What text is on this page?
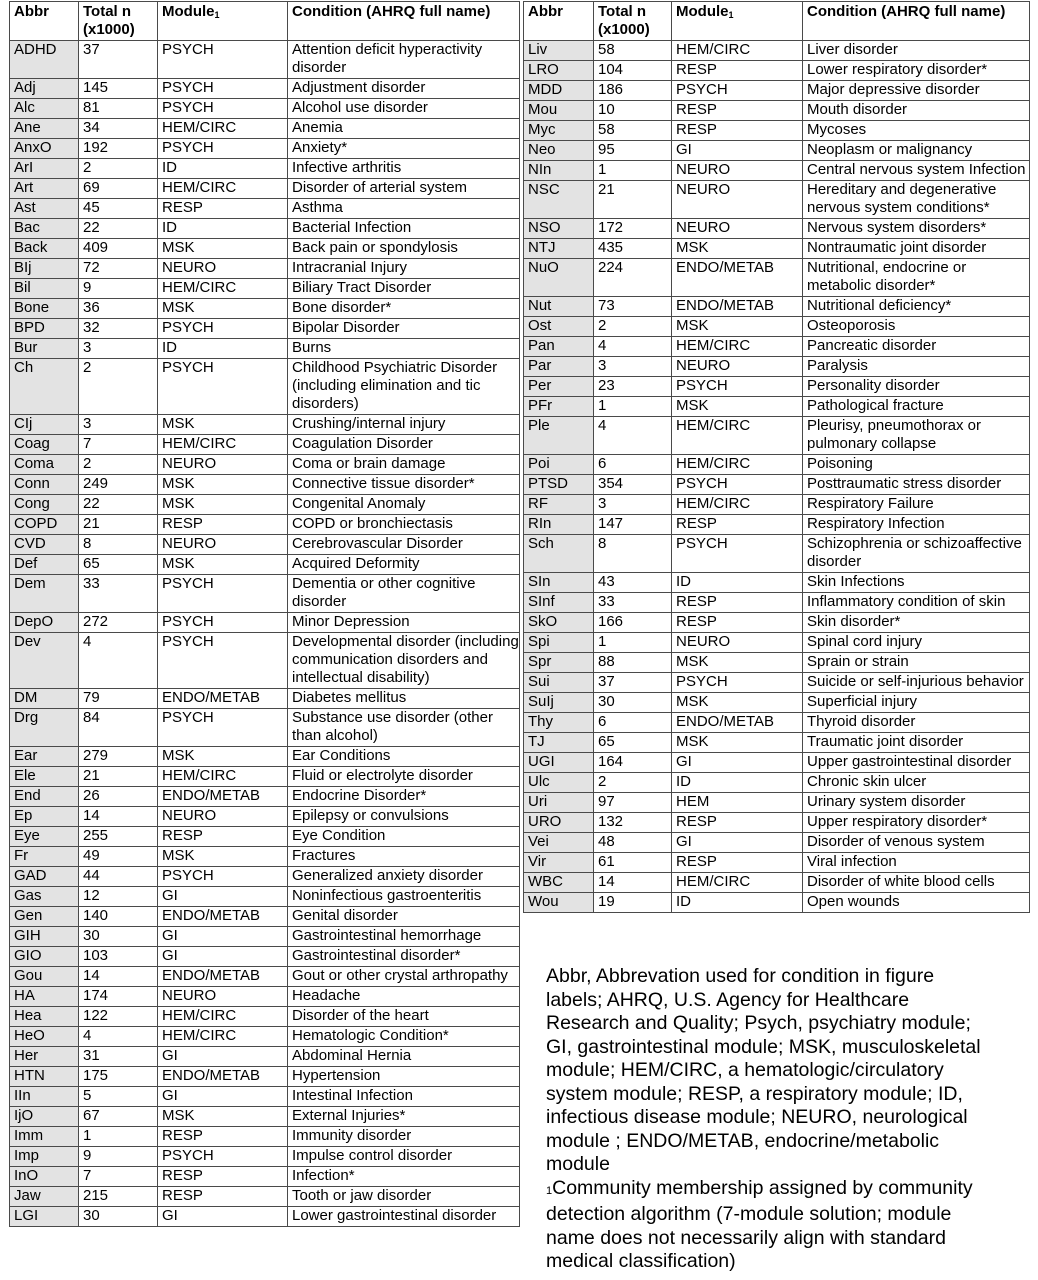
Abbr	Total n (x1000)	Module$_1$	Condition (AHRQ full name)
ADHD	37	PSYCH	Attention deficit hyperactivity disorder
Adj	145	PSYCH	Adjustment disorder
Alc	81	PSYCH	Alcohol use disorder
Ane	34	HEM/CIRC	Anemia
AnxO	192	PSYCH	Anxiety*
ArI	2	ID	Infective arthritis
Art	69	HEM/CIRC	Disorder of arterial system
Ast	45	RESP	Asthma
Bac	22	ID	Bacterial Infection
Back	409	MSK	Back pain or spondylosis
BIj	72	NEURO	Intracranial Injury
Bil	9	HEM/CIRC	Biliary Tract Disorder
Bone	36	MSK	Bone disorder*
BPD	32	PSYCH	Bipolar Disorder
Bur	3	ID	Burns
Ch	2	PSYCH	Childhood Psychiatric Disorder (including elimination and tic disorders)
CIj	3	MSK	Crushing/internal injury
Coag	7	HEM/CIRC	Coagulation Disorder
Coma	2	NEURO	Coma or brain damage
Conn	249	MSK	Connective tissue disorder*
Cong	22	MSK	Congenital Anomaly
COPD	21	RESP	COPD or bronchiectasis
CVD	8	NEURO	Cerebrovascular Disorder
Def	65	MSK	Acquired Deformity
Dem	33	PSYCH	Dementia or other cognitive disorder
DepO	272	PSYCH	Minor Depression
Dev	4	PSYCH	Developmental disorder (including communication disorders and intellectual disability)
DM	79	ENDO/METAB	Diabetes mellitus
Drg	84	PSYCH	Substance use disorder (other than alcohol)
Ear	279	MSK	Ear Conditions
Ele	21	HEM/CIRC	Fluid or electrolyte disorder
End	26	ENDO/METAB	Endocrine Disorder*
Ep	14	NEURO	Epilepsy or convulsions
Eye	255	RESP	Eye Condition
Fr	49	MSK	Fractures
GAD	44	PSYCH	Generalized anxiety disorder
Gas	12	GI	Noninfectious gastroenteritis
Gen	140	ENDO/METAB	Genital disorder
GIH	30	GI	Gastrointestinal hemorrhage
GIO	103	GI	Gastrointestinal disorder*
Gou	14	ENDO/METAB	Gout or other crystal arthropathy
HA	174	NEURO	Headache
Hea	122	HEM/CIRC	Disorder of the heart
HeO	4	HEM/CIRC	Hematologic Condition*
Her	31	GI	Abdominal Hernia
HTN	175	ENDO/METAB	Hypertension
IIn	5	GI	Intestinal Infection
IjO	67	MSK	External Injuries*
Imm	1	RESP	Immunity disorder
Imp	9	PSYCH	Impulse control disorder
InO	7	RESP	Infection*
Jaw	215	RESP	Tooth or jaw disorder
LGI	30	GI	Lower gastrointestinal disorder
Abbr	Total n (x1000)	Module$_1$	Condition (AHRQ full name)
Liv	58	HEM/CIRC	Liver disorder
LRO	104	RESP	Lower respiratory disorder*
MDD	186	PSYCH	Major depressive disorder
Mou	10	RESP	Mouth disorder
Myc	58	RESP	Mycoses
Neo	95	GI	Neoplasm or malignancy
NIn	1	NEURO	Central nervous system Infection
NSC	21	NEURO	Hereditary and degenerative nervous system conditions*
NSO	172	NEURO	Nervous system disorders*
NTJ	435	MSK	Nontraumatic joint disorder
NuO	224	ENDO/METAB	Nutritional, endocrine or metabolic disorder*
Nut	73	ENDO/METAB	Nutritional deficiency*
Ost	2	MSK	Osteoporosis
Pan	4	HEM/CIRC	Pancreatic disorder
Par	3	NEURO	Paralysis
Per	23	PSYCH	Personality disorder
PFr	1	MSK	Pathological fracture
Ple	4	HEM/CIRC	Pleurisy, pneumothorax or pulmonary collapse
Poi	6	HEM/CIRC	Poisoning
PTSD	354	PSYCH	Posttraumatic stress disorder
RF	3	HEM/CIRC	Respiratory Failure
RIn	147	RESP	Respiratory Infection
Sch	8	PSYCH	Schizophrenia or schizoaffective disorder
SIn	43	ID	Skin Infections
SInf	33	RESP	Inflammatory condition of skin
SkO	166	RESP	Skin disorder*
Spi	1	NEURO	Spinal cord injury
Spr	88	MSK	Sprain or strain
Sui	37	PSYCH	Suicide or self-injurious behavior
SuIj	30	MSK	Superficial injury
Thy	6	ENDO/METAB	Thyroid disorder
TJ	65	MSK	Traumatic joint disorder
UGI	164	GI	Upper gastrointestinal disorder
Ulc	2	ID	Chronic skin ulcer
Uri	97	HEM	Urinary system disorder
URO	132	RESP	Upper respiratory disorder*
Vei	48	GI	Disorder of venous system
Vir	61	RESP	Viral infection
WBC	14	HEM/CIRC	Disorder of white blood cells
Wou	19	ID	Open wounds

Abbr, Abbrevation used for condition in figure labels; AHRQ, U.S. Agency for Healthcare Research and Quality; Psych, psychiatry module; GI, gastrointestinal module; MSK, musculoskeletal module; HEM/CIRC, a hematologic/circulatory system module; RESP, a respiratory module; ID, infectious disease module; NEURO, neurological module ; ENDO/METAB, endocrine/metabolic module
1Community membership assigned by community detection algorithm (7-module solution; module name does not necessarily align with standard medical classification)
